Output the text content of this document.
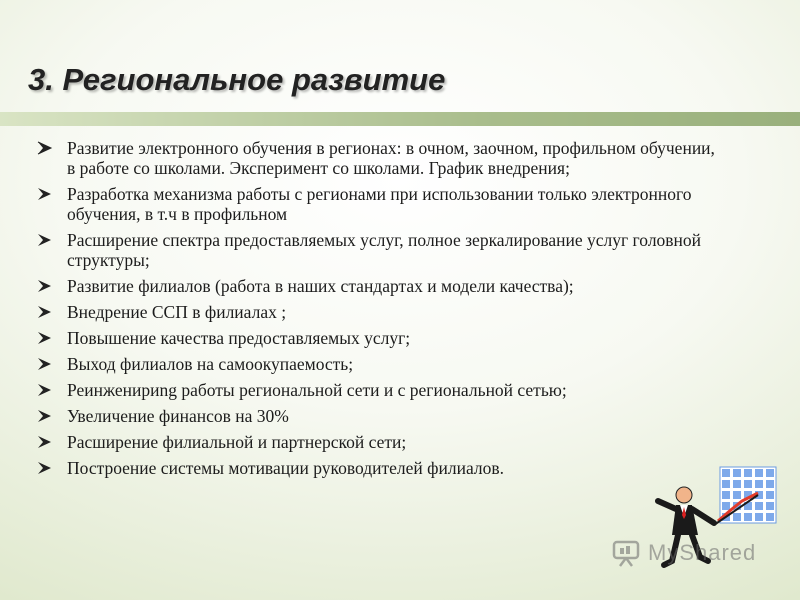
3. Региональное развитие
Развитие электронного обучения в регионах: в очном, заочном, профильном обучении, в работе со школами. Эксперимент со школами. График внедрения;
Разработка механизма работы с регионами при использовании только электронного обучения, в т.ч в профильном
Расширение спектра предоставляемых услуг, полное зеркалирование услуг головной структуры;
Развитие филиалов (работа в наших стандартах и модели качества);
Внедрение ССП в филиалах ;
Повышение качества предоставляемых услуг;
Выход филиалов на самоокупаемость;
Реинженириng работы региональной сети и с региональной сетью;
Увеличение финансов на 30%
Расширение филиальной и партнерской сети;
Построение системы мотивации руководителей филиалов.
MyShared
